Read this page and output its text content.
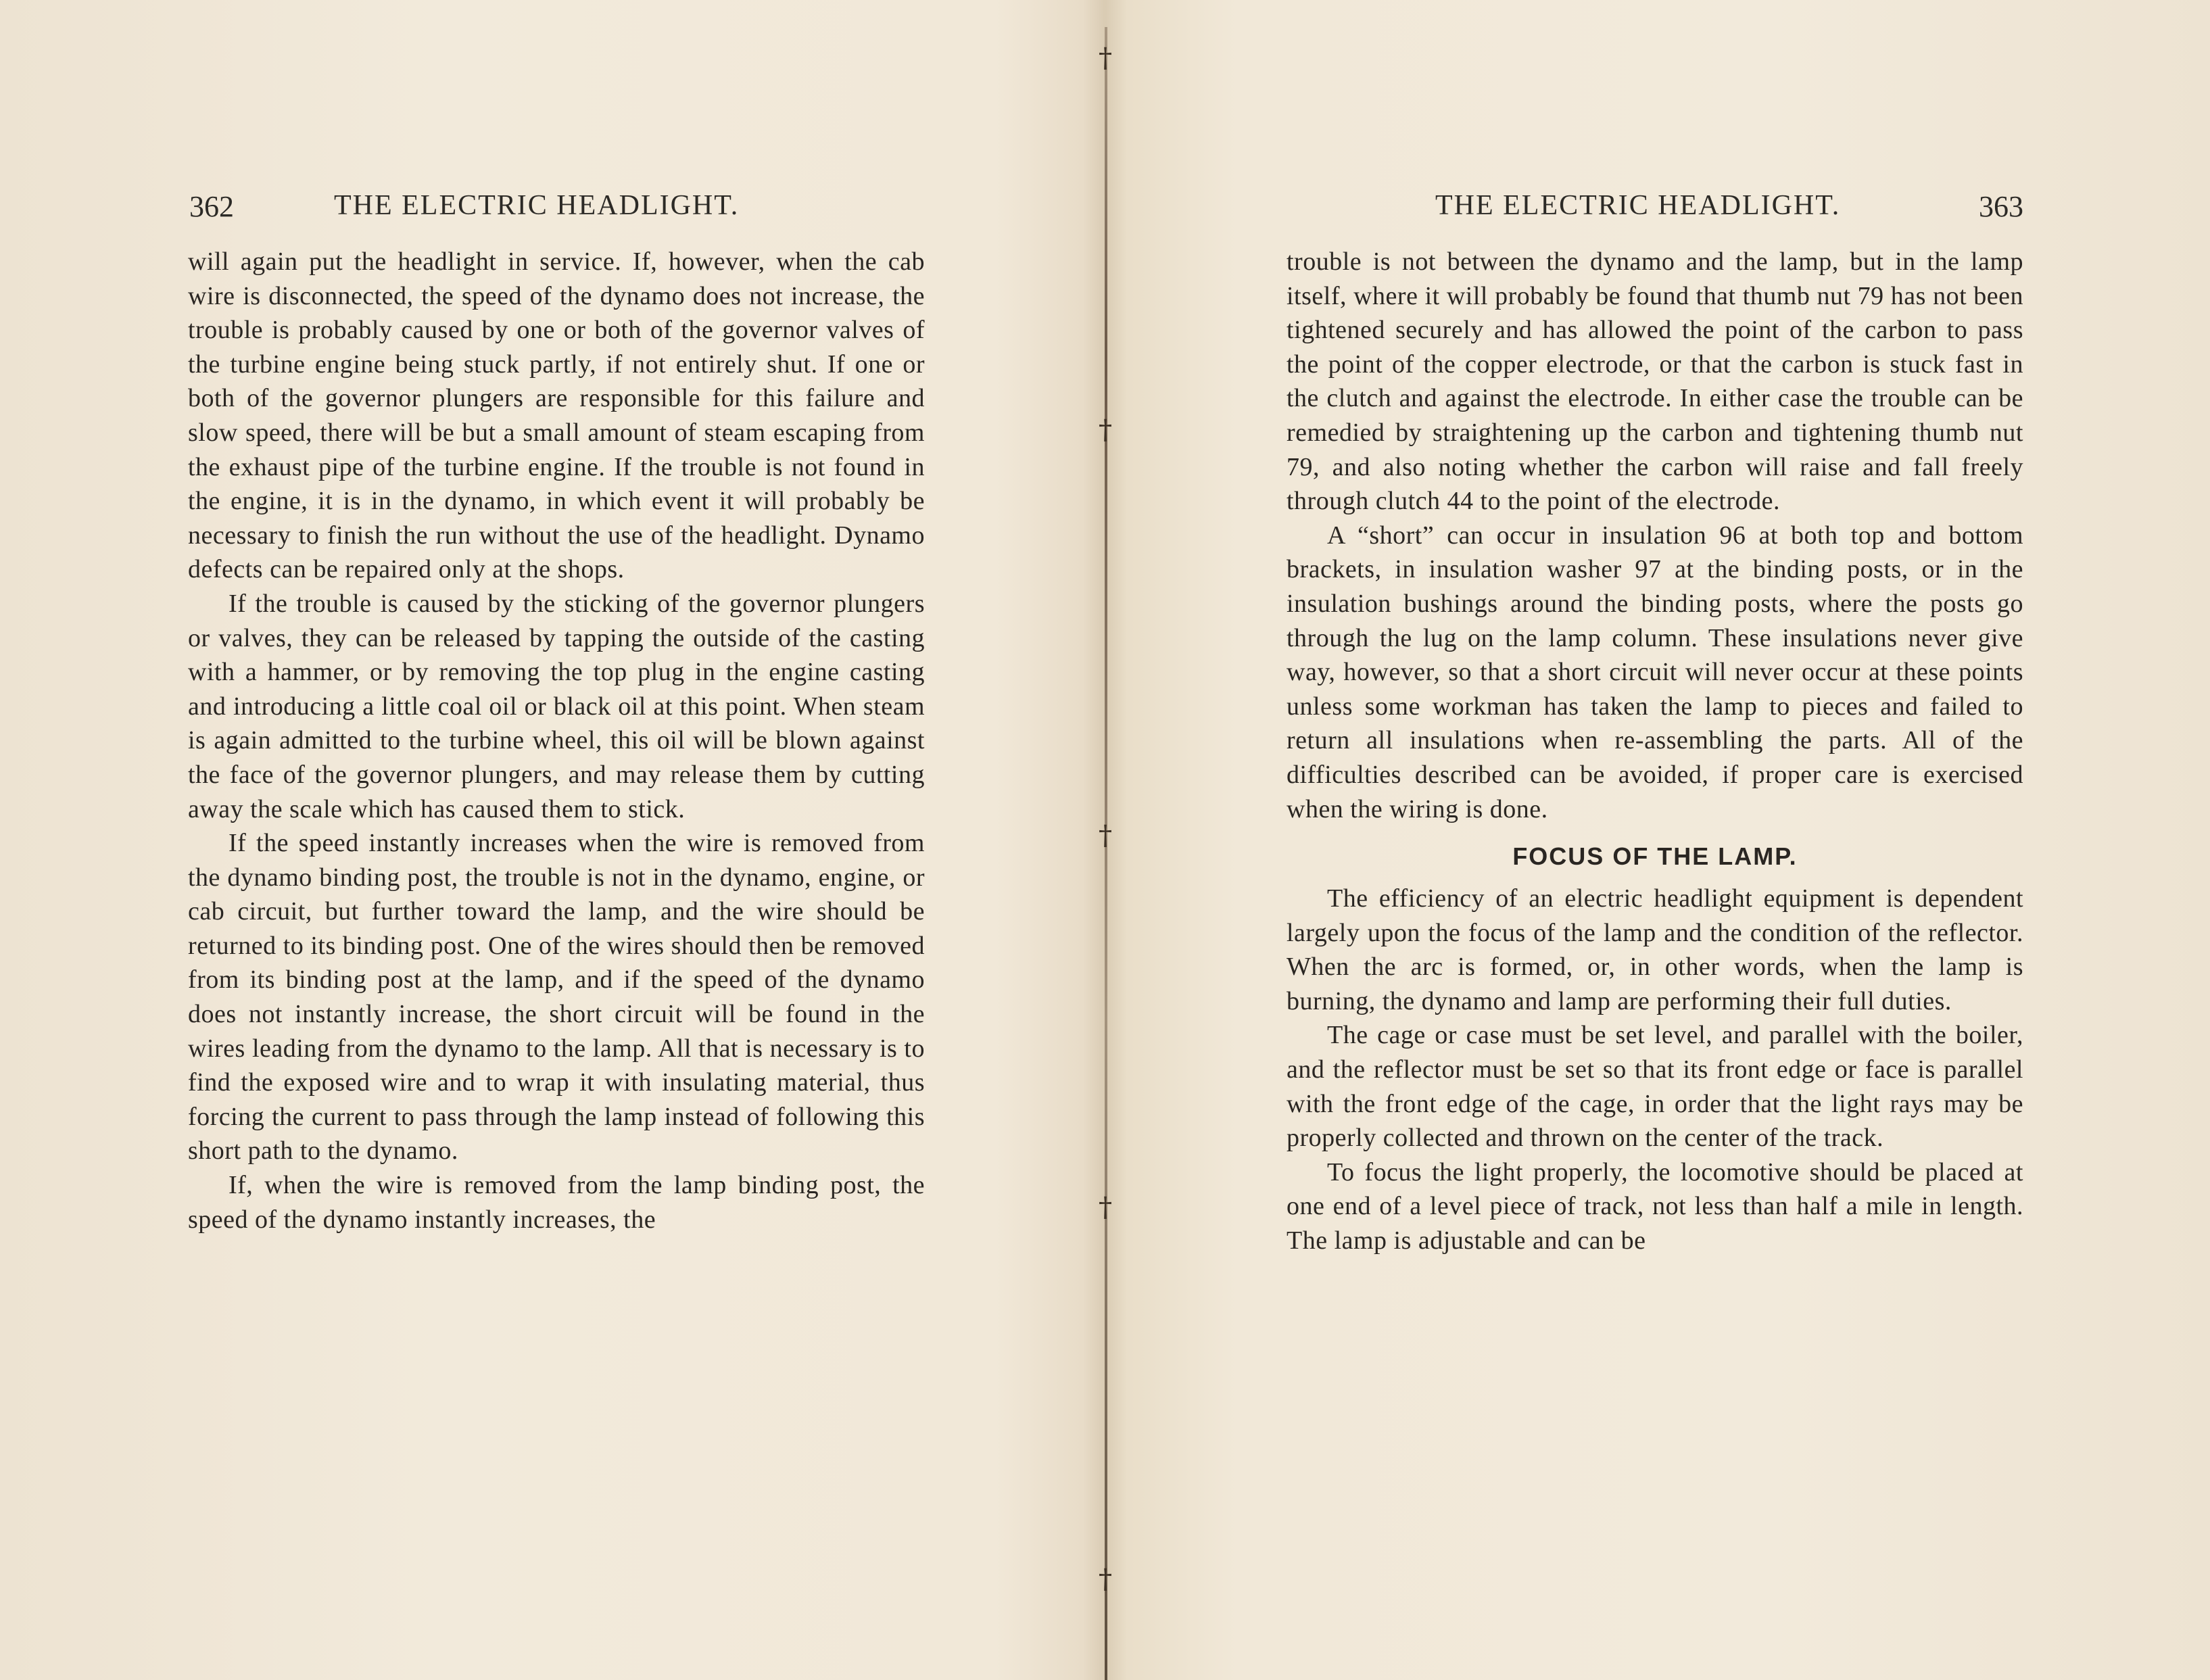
†
†
†
†
†
362	THE ELECTRIC HEADLIGHT.

will again put the headlight in service. If, however, when the cab wire is disconnected, the speed of the dynamo does not increase, the trouble is probably caused by one or both of the governor valves of the turbine engine being stuck partly, if not entirely shut. If one or both of the governor plungers are responsible for this failure and slow speed, there will be but a small amount of steam escaping from the exhaust pipe of the turbine engine. If the trouble is not found in the engine, it is in the dynamo, in which event it will probably be necessary to finish the run without the use of the headlight. Dynamo defects can be repaired only at the shops.

If the trouble is caused by the sticking of the governor plungers or valves, they can be released by tapping the outside of the casting with a hammer, or by removing the top plug in the engine casting and introducing a little coal oil or black oil at this point. When steam is again admitted to the turbine wheel, this oil will be blown against the face of the governor plungers, and may release them by cutting away the scale which has caused them to stick.

If the speed instantly increases when the wire is removed from the dynamo binding post, the trouble is not in the dynamo, engine, or cab circuit, but further toward the lamp, and the wire should be returned to its binding post. One of the wires should then be removed from its binding post at the lamp, and if the speed of the dynamo does not instantly increase, the short circuit will be found in the wires leading from the dynamo to the lamp. All that is necessary is to find the exposed wire and to wrap it with insulating material, thus forcing the current to pass through the lamp instead of following this short path to the dynamo.

If, when the wire is removed from the lamp binding post, the speed of the dynamo instantly increases, the

THE ELECTRIC HEADLIGHT.	363

trouble is not between the dynamo and the lamp, but in the lamp itself, where it will probably be found that thumb nut 79 has not been tightened securely and has allowed the point of the carbon to pass the point of the copper electrode, or that the carbon is stuck fast in the clutch and against the electrode. In either case the trouble can be remedied by straightening up the carbon and tightening thumb nut 79, and also noting whether the carbon will raise and fall freely through clutch 44 to the point of the electrode.

A “short” can occur in insulation 96 at both top and bottom brackets, in insulation washer 97 at the binding posts, or in the insulation bushings around the binding posts, where the posts go through the lug on the lamp column. These insulations never give way, however, so that a short circuit will never occur at these points unless some workman has taken the lamp to pieces and failed to return all insulations when re-assembling the parts. All of the difficulties described can be avoided, if proper care is exercised when the wiring is done.

FOCUS OF THE LAMP.

The efficiency of an electric headlight equipment is dependent largely upon the focus of the lamp and the condition of the reflector. When the arc is formed, or, in other words, when the lamp is burning, the dynamo and lamp are performing their full duties.

The cage or case must be set level, and parallel with the boiler, and the reflector must be set so that its front edge or face is parallel with the front edge of the cage, in order that the light rays may be properly collected and thrown on the center of the track.

To focus the light properly, the locomotive should be placed at one end of a level piece of track, not less than half a mile in length. The lamp is adjustable and can be
